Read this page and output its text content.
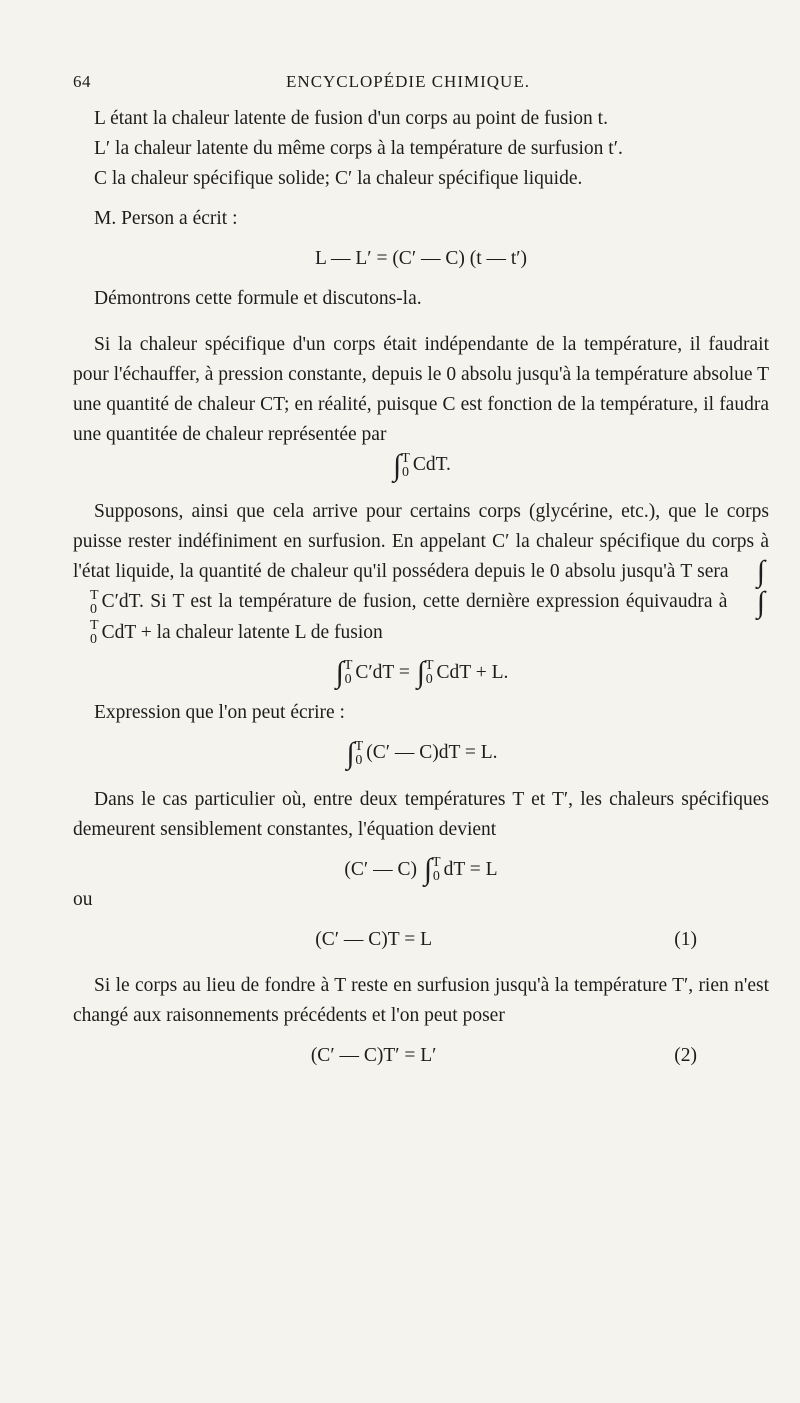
64	ENCYCLOPÉDIE CHIMIQUE.

L étant la chaleur latente de fusion d'un corps au point de fusion t.

L′ la chaleur latente du même corps à la température de surfusion t′.

C la chaleur spécifique solide; C′ la chaleur spécifique liquide.

M. Person a écrit :

L — L′ = (C′ — C) (t — t′)

Démontrons cette formule et discutons-la.

Si la chaleur spécifique d'un corps était indépendante de la température, il faudrait pour l'échauffer, à pression constante, depuis le 0 absolu jusqu'à la température absolue T une quantité de chaleur CT; en réalité, puisque C est fonction de la température, il faudra une quantitée de chaleur représentée par

∫ T
0 CdT.

Supposons, ainsi que cela arrive pour certains corps (glycérine, etc.), que le corps puisse rester indéfiniment en surfusion. En appelant C′ la chaleur spécifique du corps à l'état liquide, la quantité de chaleur qu'il possédera depuis le 0 absolu jusqu'à T sera ∫
T
0 C′dT. Si T est la température de fusion, cette dernière expression équivaudra à ∫
T
0 CdT + la chaleur latente L de fusion

∫ T
0 C′dT = ∫ T
0 CdT + L.

Expression que l'on peut écrire :

∫ T
0 (C′ — C)dT = L.

Dans le cas particulier où, entre deux températures T et T′, les chaleurs spécifiques demeurent sensiblement constantes, l'équation devient

(C′ — C) ∫ T
0 dT = L

ou

(C′ — C)T = L	(1)

Si le corps au lieu de fondre à T reste en surfusion jusqu'à la température T′, rien n'est changé aux raisonnements précédents et l'on peut poser

(C′ — C)T′ = L′	(2)
